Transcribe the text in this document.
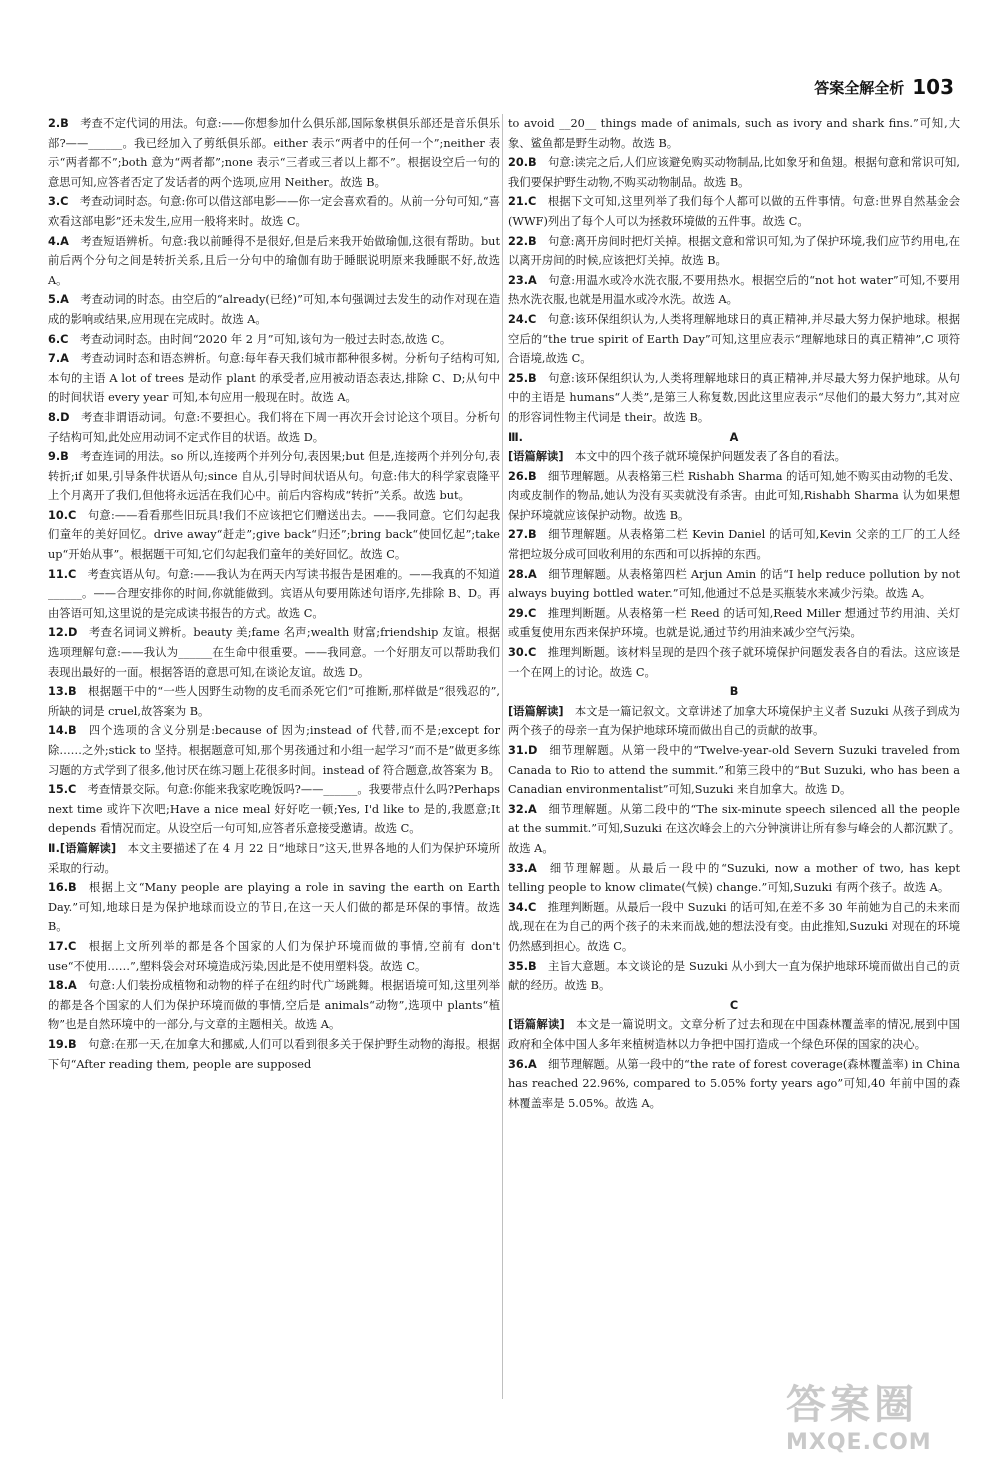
答案全解全析 103

2.B  考查不定代词的用法。句意:——你想参加什么俱乐部,国际象棋俱乐部还是音乐俱乐部?——______。我已经加入了剪纸俱乐部。either 表示“两者中的任何一个”;neither 表示“两者都不”;both 意为“两者都”;none 表示“三者或三者以上都不”。根据设空后一句的意思可知,应答者否定了发话者的两个选项,应用 Neither。故选 B。

3.C  考查动词时态。句意:你可以借这部电影——你一定会喜欢看的。从前一分句可知,“喜欢看这部电影”还未发生,应用一般将来时。故选 C。

4.A  考查短语辨析。句意:我以前睡得不是很好,但是后来我开始做瑜伽,这很有帮助。but 前后两个分句之间是转折关系,且后一分句中的瑜伽有助于睡眠说明原来我睡眠不好,故选 A。

5.A  考查动词的时态。由空后的“already(已经)”可知,本句强调过去发生的动作对现在造成的影响或结果,应用现在完成时。故选 A。

6.C  考查动词时态。由时间“2020 年 2 月”可知,该句为一般过去时态,故选 C。

7.A  考查动词时态和语态辨析。句意:每年春天我们城市都种很多树。分析句子结构可知,本句的主语 A lot of trees 是动作 plant 的承受者,应用被动语态表达,排除 C、D;从句中的时间状语 every year 可知,本句应用一般现在时。故选 A。

8.D  考查非谓语动词。句意:不要担心。我们将在下周一再次开会讨论这个项目。分析句子结构可知,此处应用动词不定式作目的状语。故选 D。

9.B  考查连词的用法。so 所以,连接两个并列分句,表因果;but 但是,连接两个并列分句,表转折;if 如果,引导条件状语从句;since 自从,引导时间状语从句。句意:伟大的科学家袁隆平上个月离开了我们,但他将永远活在我们心中。前后内容构成“转折”关系。故选 but。

10.C  句意:——看看那些旧玩具!我们不应该把它们赠送出去。——我同意。它们勾起我们童年的美好回忆。drive away“赶走”;give back“归还”;bring back“使回忆起”;take up“开始从事”。根据题干可知,它们勾起我们童年的美好回忆。故选 C。

11.C  考查宾语从句。句意:——我认为在两天内写读书报告是困难的。——我真的不知道______。——合理安排你的时间,你就能做到。宾语从句要用陈述句语序,先排除 B、D。再由答语可知,这里说的是完成读书报告的方式。故选 C。

12.D  考查名词词义辨析。beauty 美;fame 名声;wealth 财富;friendship 友谊。根据选项理解句意:——我认为______在生命中很重要。——我同意。一个好朋友可以帮助我们表现出最好的一面。根据答语的意思可知,在谈论友谊。故选 D。

13.B  根据题干中的“一些人因野生动物的皮毛而杀死它们”可推断,那样做是“很残忍的”,所缺的词是 cruel,故答案为 B。

14.B  四个选项的含义分别是:because of 因为;instead of 代替,而不是;except for 除……之外;stick to 坚持。根据题意可知,那个男孩通过和小组一起学习“而不是”做更多练习题的方式学到了很多,他讨厌在练习题上花很多时间。instead of 符合题意,故答案为 B。

15.C  考查情景交际。句意:你能来我家吃晚饭吗?——______。我要带点什么吗?Perhaps next time 或许下次吧;Have a nice meal 好好吃一顿;Yes, I'd like to 是的,我愿意;It depends 看情况而定。从设空后一句可知,应答者乐意接受邀请。故选 C。

Ⅱ.[语篇解读]  本文主要描述了在 4 月 22 日“地球日”这天,世界各地的人们为保护环境所采取的行动。

16.B  根据上文“Many people are playing a role in saving the earth on Earth Day.”可知,地球日是为保护地球而设立的节日,在这一天人们做的都是环保的事情。故选 B。

17.C  根据上文所列举的都是各个国家的人们为保护环境而做的事情,空前有 don't use“不使用……”,塑料袋会对环境造成污染,因此是不使用塑料袋。故选 C。

18.A  句意:人们装扮成植物和动物的样子在纽约时代广场跳舞。根据语境可知,这里列举的都是各个国家的人们为保护环境而做的事情,空后是 animals“动物”,选项中 plants“植物”也是自然环境中的一部分,与文章的主题相关。故选 A。

19.B  句意:在那一天,在加拿大和挪威,人们可以看到很多关于保护野生动物的海报。根据下句“After reading them, people are supposed

to avoid __20__ things made of animals, such as ivory and shark fins.”可知,大象、鲨鱼都是野生动物。故选 B。

20.B  句意:读完之后,人们应该避免购买动物制品,比如象牙和鱼翅。根据句意和常识可知,我们要保护野生动物,不购买动物制品。故选 B。

21.C  根据下文可知,这里列举了我们每个人都可以做的五件事情。句意:世界自然基金会(WWF)列出了每个人可以为拯救环境做的五件事。故选 C。

22.B  句意:离开房间时把灯关掉。根据文意和常识可知,为了保护环境,我们应节约用电,在以离开房间的时候,应该把灯关掉。故选 B。

23.A  句意:用温水或冷水洗衣服,不要用热水。根据空后的“not hot water”可知,不要用热水洗衣服,也就是用温水或冷水洗。故选 A。

24.C  句意:该环保组织认为,人类将理解地球日的真正精神,并尽最大努力保护地球。根据空后的“the true spirit of Earth Day”可知,这里应表示“理解地球日的真正精神”,C 项符合语境,故选 C。

25.B  句意:该环保组织认为,人类将理解地球日的真正精神,并尽最大努力保护地球。从句中的主语是 humans“人类”,是第三人称复数,因此这里应表示“尽他们的最大努力”,其对应的形容词性物主代词是 their。故选 B。

Ⅲ.	A

[语篇解读]  本文中的四个孩子就环境保护问题发表了各自的看法。

26.B  细节理解题。从表格第三栏 Rishabh Sharma 的话可知,她不购买由动物的毛发、肉或皮制作的物品,她认为没有买卖就没有杀害。由此可知,Rishabh Sharma 认为如果想保护环境就应该保护动物。故选 B。

27.B  细节理解题。从表格第二栏 Kevin Daniel 的话可知,Kevin 父亲的工厂的工人经常把垃圾分成可回收利用的东西和可以拆掉的东西。

28.A  细节理解题。从表格第四栏 Arjun Amin 的话“I help reduce pollution by not always buying bottled water.”可知,他通过不总是买瓶装水来减少污染。故选 A。

29.C  推理判断题。从表格第一栏 Reed 的话可知,Reed Miller 想通过节约用油、关灯或重复使用东西来保护环境。也就是说,通过节约用油来减少空气污染。

30.C  推理判断题。该材料呈现的是四个孩子就环境保护问题发表各自的看法。这应该是一个在网上的讨论。故选 C。

B

[语篇解读]  本文是一篇记叙文。文章讲述了加拿大环境保护主义者 Suzuki 从孩子到成为两个孩子的母亲一直为保护地球环境而做出自己的贡献的故事。

31.D  细节理解题。从第一段中的“Twelve-year-old Severn Suzuki traveled from Canada to Rio to attend the summit.”和第三段中的“But Suzuki, who has been a Canadian environmentalist”可知,Suzuki 来自加拿大。故选 D。

32.A  细节理解题。从第二段中的“The six-minute speech silenced all the people at the summit.”可知,Suzuki 在这次峰会上的六分钟演讲让所有参与峰会的人都沉默了。故选 A。

33.A  细节理解题。从最后一段中的“Suzuki, now a mother of two, has kept telling people to know climate(气候) change.”可知,Suzuki 有两个孩子。故选 A。

34.C  推理判断题。从最后一段中 Suzuki 的话可知,在差不多 30 年前她为自己的未来而战,现在在为自己的两个孩子的未来而战,她的想法没有变。由此推知,Suzuki 对现在的环境仍然感到担心。故选 C。

35.B  主旨大意题。本文谈论的是 Suzuki 从小到大一直为保护地球环境而做出自己的贡献的经历。故选 B。

C

[语篇解读]  本文是一篇说明文。文章分析了过去和现在中国森林覆盖率的情况,展到中国政府和全体中国人多年来植树造林以力争把中国打造成一个绿色环保的国家的决心。

36.A  细节理解题。从第一段中的“the rate of forest coverage(森林覆盖率) in China has reached 22.96%, compared to 5.05% forty years ago”可知,40 年前中国的森林覆盖率是 5.05%。故选 A。

答案圈
MXQE.COM
